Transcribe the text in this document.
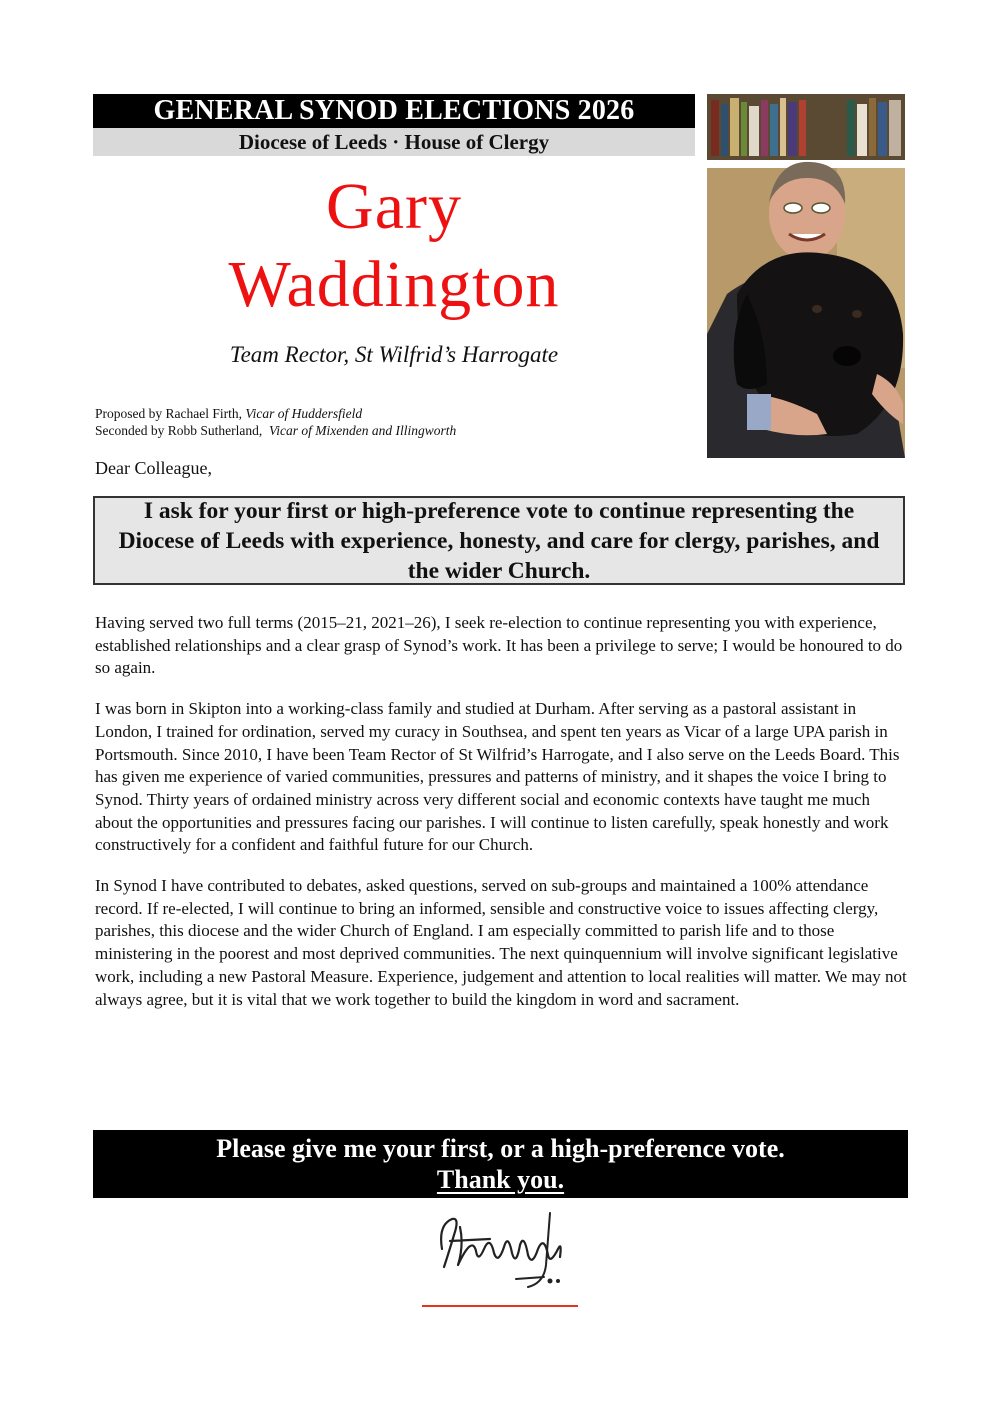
GENERAL SYNOD ELECTIONS 2026
Diocese of Leeds · House of Clergy
Gary
Waddington
Team Rector, St Wilfrid’s Harrogate
Proposed by Rachael Firth, Vicar of Huddersfield
Seconded by Robb Sutherland, Vicar of Mixenden and Illingworth
Dear Colleague,
I ask for your first or high-preference vote to continue representing the Diocese of Leeds with experience, honesty, and care for clergy, parishes, and the wider Church.

Having served two full terms (2015–21, 2021–26), I seek re-election to continue representing you with experience, established relationships and a clear grasp of Synod’s work. It has been a privilege to serve; I would be honoured to do so again.

I was born in Skipton into a working-class family and studied at Durham. After serving as a pastoral assistant in London, I trained for ordination, served my curacy in Southsea, and spent ten years as Vicar of a large UPA parish in Portsmouth. Since 2010, I have been Team Rector of St Wilfrid’s Harrogate, and I also serve on the Leeds Board. This has given me experience of varied communities, pressures and patterns of ministry, and it shapes the voice I bring to Synod. Thirty years of ordained ministry across very different social and economic contexts have taught me much about the opportunities and pressures facing our parishes. I will continue to listen carefully, speak honestly and work constructively for a confident and faithful future for our Church.

In Synod I have contributed to debates, asked questions, served on sub-groups and maintained a 100% attendance record. If re-elected, I will continue to bring an informed, sensible and constructive voice to issues affecting clergy, parishes, this diocese and the wider Church of England. I am especially committed to parish life and to those ministering in the poorest and most deprived communities. The next quinquennium will involve significant legislative work, including a new Pastoral Measure. Experience, judgement and attention to local realities will matter. We may not always agree, but it is vital that we work together to build the kingdom in word and sacrament.

Please give me your first, or a high-preference vote.
Thank you.
